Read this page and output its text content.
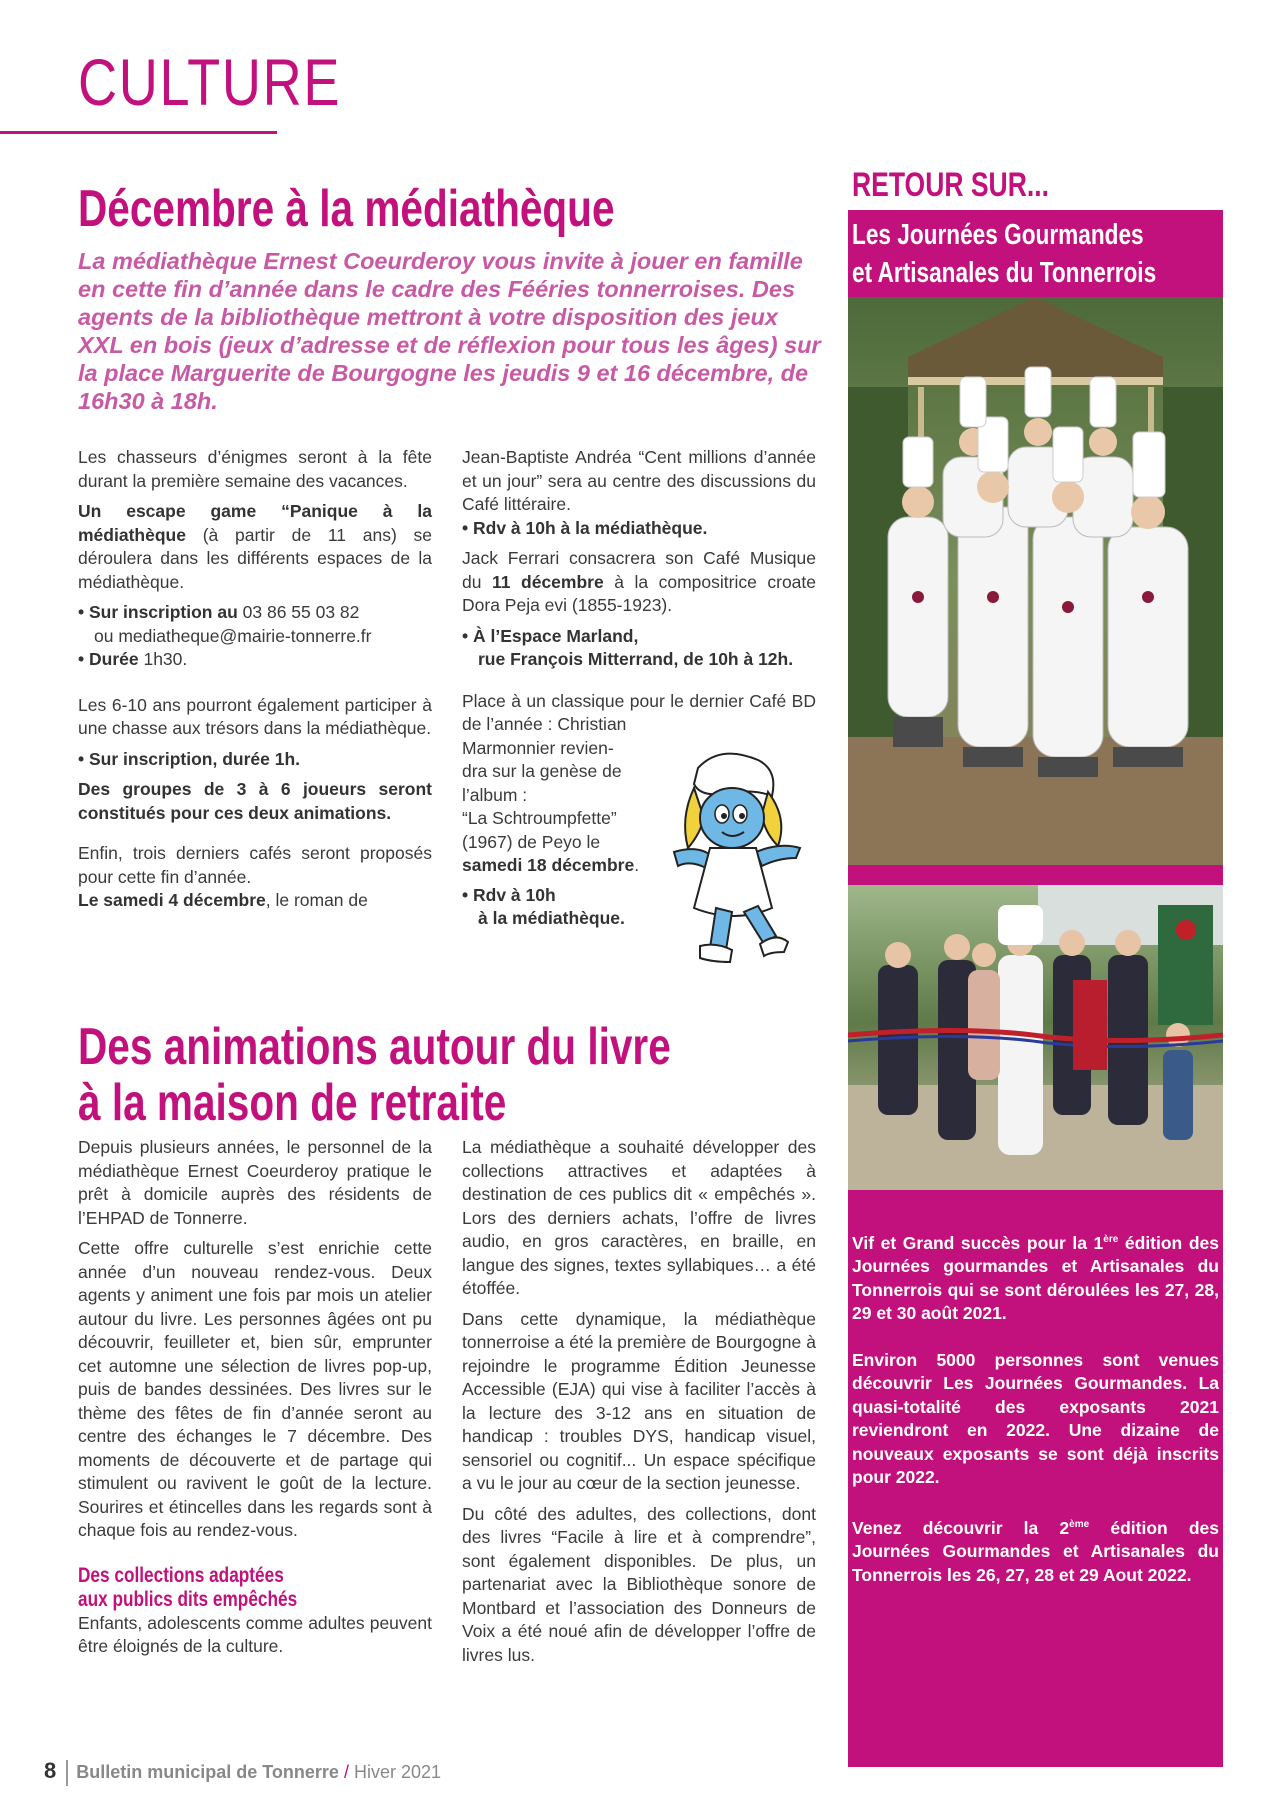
CULTURE
Décembre à la médiathèque
La médiathèque Ernest Coeurderoy vous invite à jouer en famille en cette fin d’année dans le cadre des Fééries tonnerroises. Des agents de la bibliothèque mettront à votre disposition des jeux XXL en bois (jeux d’adresse et de réflexion pour tous les âges) sur la place Marguerite de Bourgogne les jeudis 9 et 16 décembre, de 16h30 à 18h.

Les chasseurs d’énigmes seront à la fête durant la première semaine des vacances.

Un escape game “Panique à la médiathèque (à partir de 11 ans) se déroulera dans les différents espaces de la médiathèque.

• Sur inscription au 03 86 55 03 82
ou mediatheque@mairie-tonnerre.fr
• Durée 1h30.

Les 6-10 ans pourront également participer à une chasse aux trésors dans la médiathèque.

• Sur inscription, durée 1h.

Des groupes de 3 à 6 joueurs seront constitués pour ces deux animations.

Enfin, trois derniers cafés seront proposés pour cette fin d’année.

Le samedi 4 décembre, le roman de

Jean-Baptiste Andréa “Cent millions d’année et un jour” sera au centre des discussions du Café littéraire.

• Rdv à 10h à la médiathèque.

Jack Ferrari consacrera son Café Musique du 11 décembre à la compositrice croate Dora Peja evi (1855-1923).

• À l’Espace Marland,
rue François Mitterrand, de 10h à 12h.

Place à un classique pour le dernier Café BD de l’année : Christian

Marmonnier revien-
dra sur la genèse de
l’album :
“La Schtroumpfette”
(1967) de Peyo le
samedi 18 décembre.
• Rdv à 10h
à la médiathèque.
Des animations autour du livre
à la maison de retraite

Depuis plusieurs années, le personnel de la médiathèque Ernest Coeurderoy pratique le prêt à domicile auprès des résidents de l’EHPAD de Tonnerre.

Cette offre culturelle s’est enrichie cette année d’un nouveau rendez-vous. Deux agents y animent une fois par mois un atelier autour du livre. Les personnes âgées ont pu découvrir, feuilleter et, bien sûr, emprunter cet automne une sélection de livres pop-up, puis de bandes dessinées. Des livres sur le thème des fêtes de fin d’année seront au centre des échanges le 7 décembre. Des moments de découverte et de partage qui stimulent ou ravivent le goût de la lecture. Sourires et étincelles dans les regards sont à chaque fois au rendez-vous.

Des collections adaptées
aux publics dits empêchés

Enfants, adolescents comme adultes peuvent être éloignés de la culture.

La médiathèque a souhaité développer des collections attractives et adaptées à destination de ces publics dit « empêchés ». Lors des derniers achats, l’offre de livres audio, en gros caractères, en braille, en langue des signes, textes syllabiques… a été étoffée.

Dans cette dynamique, la médiathèque tonnerroise a été la première de Bourgogne à rejoindre le programme Édition Jeunesse Accessible (EJA) qui vise à faciliter l’accès à la lecture des 3-12 ans en situation de handicap : troubles DYS, handicap visuel, sensoriel ou cognitif... Un espace spécifique a vu le jour au cœur de la section jeunesse.

Du côté des adultes, des collections, dont des livres “Facile à lire et à comprendre”, sont également disponibles. De plus, un partenariat avec la Bibliothèque sonore de Montbard et l’association des Donneurs de Voix a été noué afin de développer l’offre de livres lus.

RETOUR SUR...
Les Journées Gourmandes
et Artisanales du Tonnerrois

Vif et Grand succès pour la 1ère édition des Journées gourmandes et Artisanales du Tonnerrois qui se sont déroulées les 27, 28, 29 et 30 août 2021.

Environ 5000 personnes sont venues découvrir Les Journées Gourmandes. La quasi-totalité des exposants 2021 reviendront en 2022. Une dizaine de nouveaux exposants se sont déjà inscrits pour 2022.

Venez découvrir la 2ème édition des Journées Gourmandes et Artisanales du Tonnerrois les 26, 27, 28 et 29 Aout 2022.

8 Bulletin municipal de Tonnerre / Hiver 2021
